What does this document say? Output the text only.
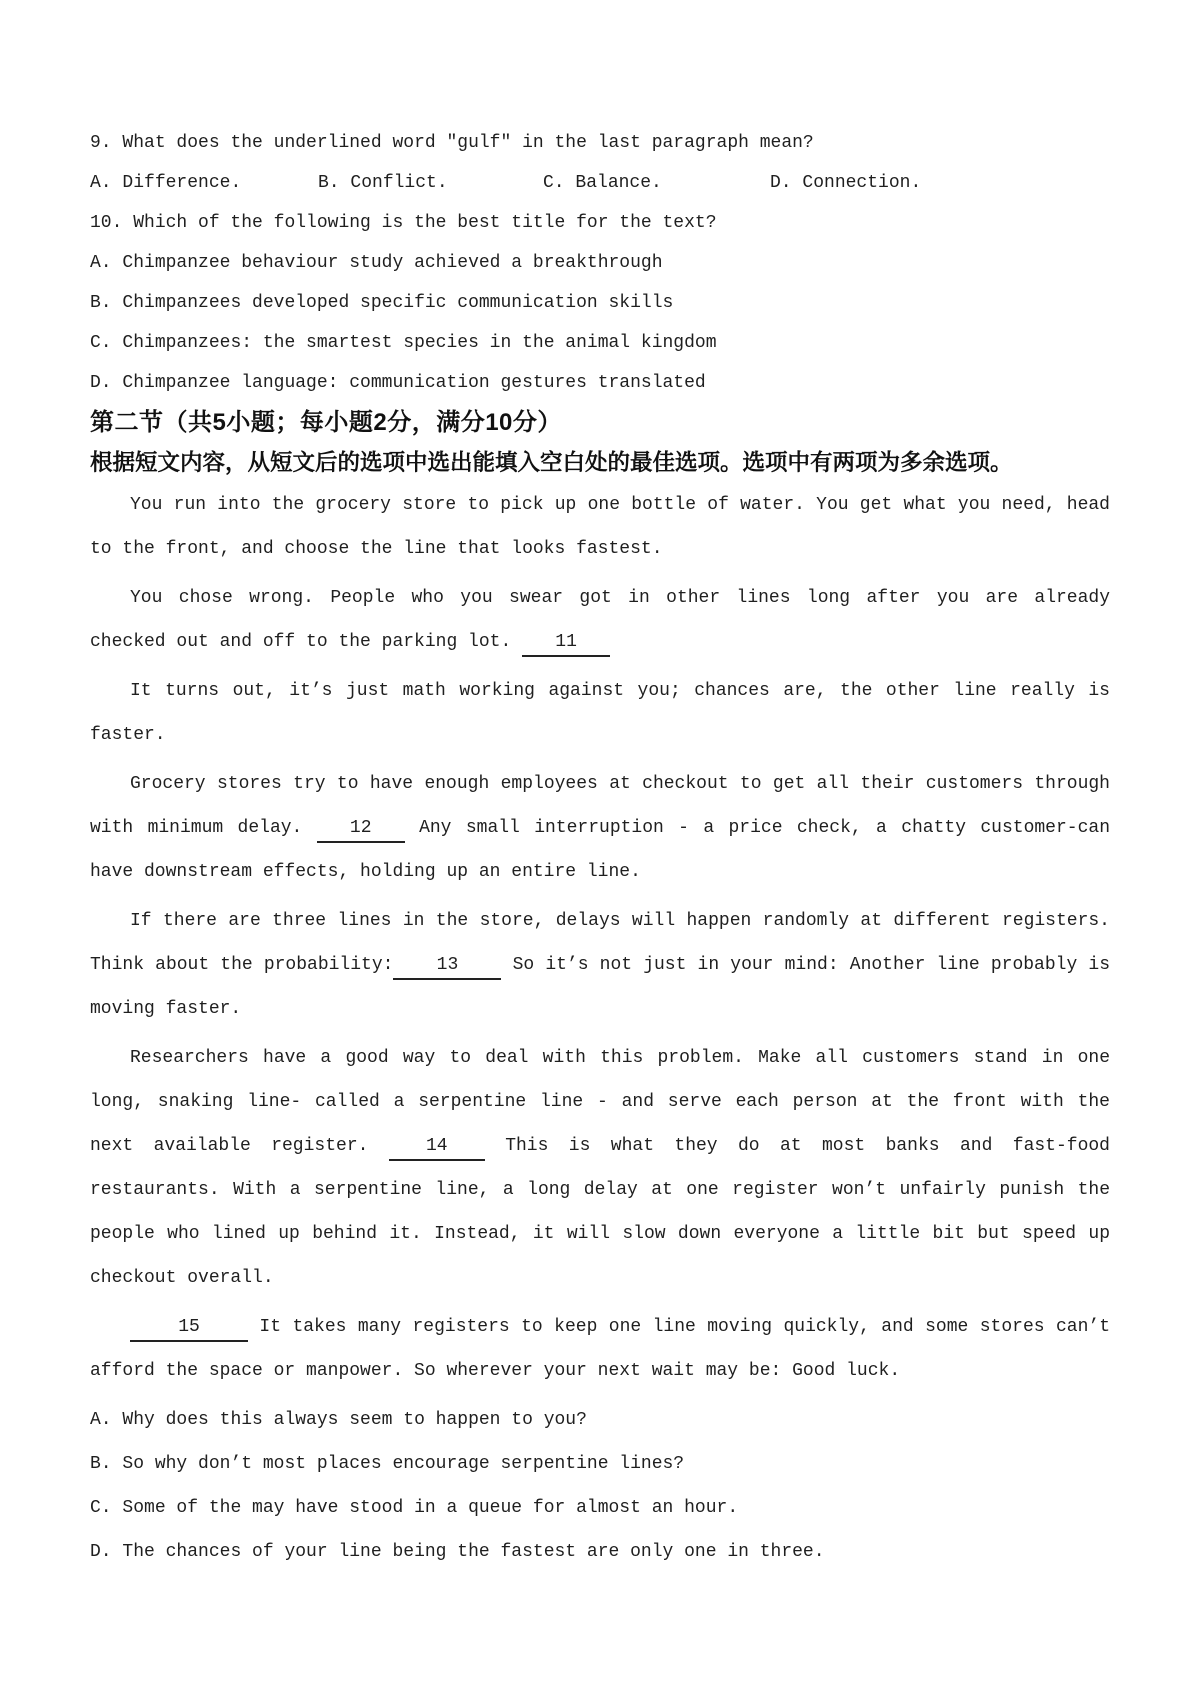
9. What does the underlined word "gulf" in the last paragraph mean?

A. Difference.	B. Conflict.	C. Balance.	D. Connection.

10. Which of the following is the best title for the text?

A. Chimpanzee behaviour study achieved a breakthrough

B. Chimpanzees developed specific communication skills

C. Chimpanzees: the smartest species in the animal kingdom

D. Chimpanzee language: communication gestures translated

第二节（共5小题；每小题2分，满分10分）

根据短文内容，从短文后的选项中选出能填入空白处的最佳选项。选项中有两项为多余选项。

You run into the grocery store to pick up one bottle of water. You get what you need, head to the front, and choose the line that looks fastest.

You chose wrong. People who you swear got in other lines long after you are already checked out and off to the parking lot. 11

It turns out, it’s just math working against you; chances are, the other line really is faster.

Grocery stores try to have enough employees at checkout to get all their customers through with minimum delay. 12 Any small interruption - a price check, a chatty customer-can have downstream effects, holding up an entire line.

If there are three lines in the store, delays will happen randomly at different registers. Think about the probability: 13 So it’s not just in your mind: Another line probably is moving faster.

Researchers have a good way to deal with this problem. Make all customers stand in one long, snaking line- called a serpentine line - and serve each person at the front with the next available register. 14 This is what they do at most banks and fast-food restaurants. With a serpentine line, a long delay at one register won’t unfairly punish the people who lined up behind it. Instead, it will slow down everyone a little bit but speed up checkout overall.

15	It takes many registers to keep one line moving quickly, and some stores can’t afford the space or manpower. So wherever your next wait may be: Good luck.

A. Why does this always seem to happen to you?

B. So why don’t most places encourage serpentine lines?

C. Some of the may have stood in a queue for almost an hour.

D. The chances of your line being the fastest are only one in three.
